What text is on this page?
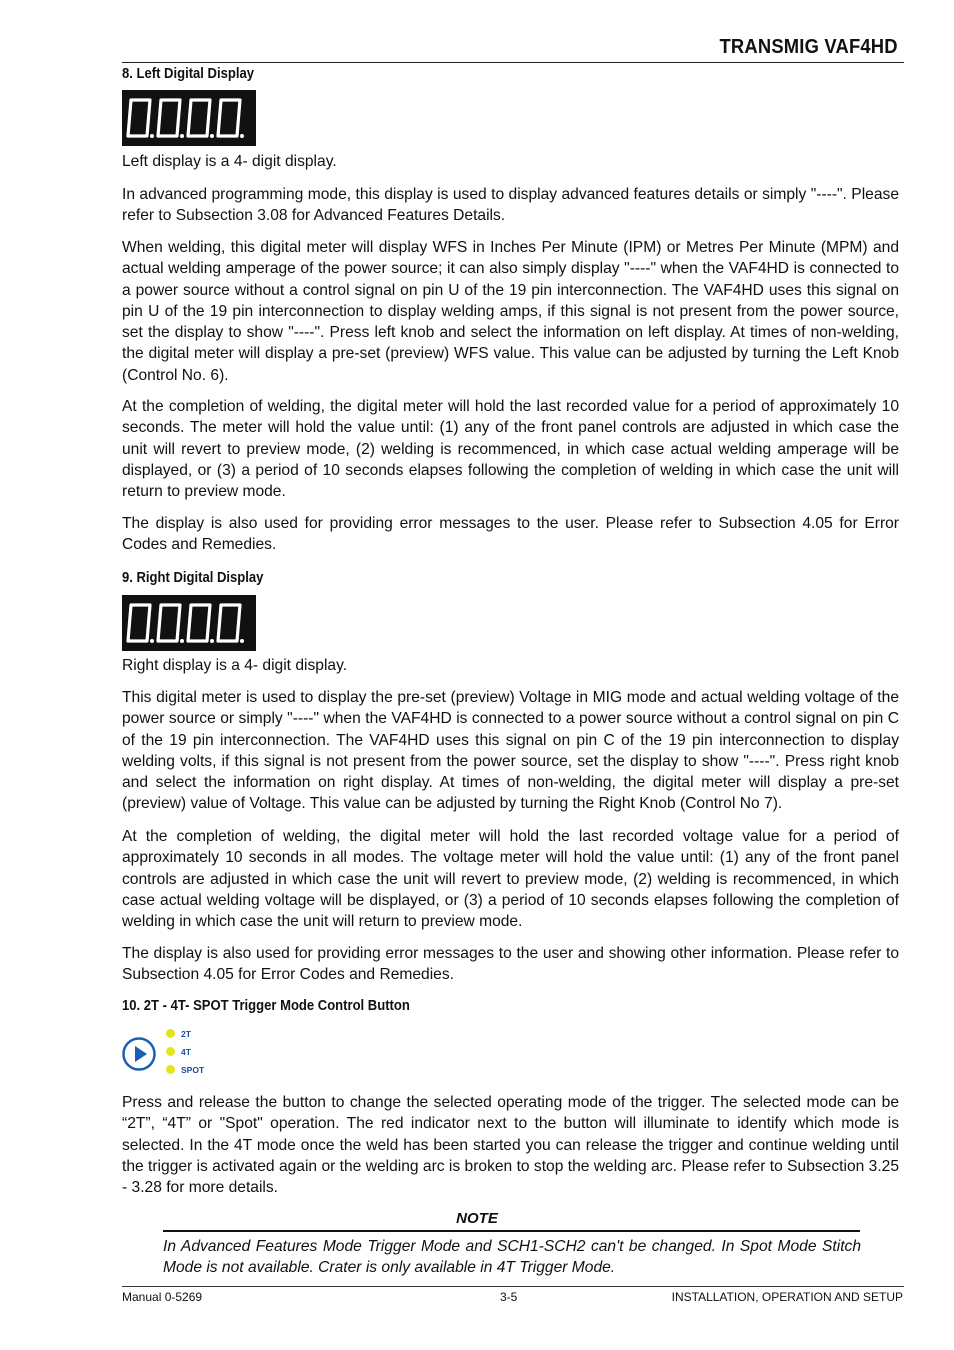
TRANSMIG VAF4HD
8. Left Digital Display

Left display is a 4- digit display.

In advanced programming mode, this display is used to display advanced features details or simply "----". Please refer to Subsection 3.08 for Advanced Features Details.

When welding, this digital meter will display WFS in Inches Per Minute (IPM) or Metres Per Minute (MPM) and actual welding amperage of the power source; it can also simply display "----" when the VAF4HD is connected to a power source without a control signal on pin U of the 19 pin interconnection. The VAF4HD uses this signal on pin U of the 19 pin interconnection to display welding amps, if this signal is not present from the power source, set the display to show "----". Press left knob and select the information on left display. At times of non-welding, the digital meter will display a pre-set (preview) WFS value. This value can be adjusted by turning the Left Knob (Control No. 6).

At the completion of welding, the digital meter will hold the last recorded value for a period of approximately 10 seconds. The meter will hold the value until: (1) any of the front panel controls are adjusted in which case the unit will revert to preview mode, (2) welding is recommenced, in which case actual welding amperage will be displayed, or (3) a period of 10 seconds elapses following the completion of welding in which case the unit will return to preview mode.

The display is also used for providing error messages to the user. Please refer to Subsection 4.05 for Error Codes and Remedies.

9. Right Digital Display

Right display is a 4- digit display.

This digital meter is used to display the pre-set (preview) Voltage in MIG mode and actual welding voltage of the power source or simply "----" when the VAF4HD is connected to a power source without a control signal on pin C of the 19 pin interconnection. The VAF4HD uses this signal on pin C of the 19 pin interconnection to display welding volts, if this signal is not present from the power source, set the display to show "----". Press right knob and select the information on right display. At times of non-welding, the digital meter will display a pre-set (preview) value of Voltage. This value can be adjusted by turning the Right Knob (Control No 7).

At the completion of welding, the digital meter will hold the last recorded voltage value for a period of approximately 10 seconds in all modes. The voltage meter will hold the value until: (1) any of the front panel controls are adjusted in which case the unit will revert to preview mode, (2) welding is recommenced, in which case actual welding voltage will be displayed, or (3) a period of 10 seconds elapses following the completion of welding in which case the unit will return to preview mode.

The display is also used for providing error messages to the user and showing other information. Please refer to Subsection 4.05 for Error Codes and Remedies.

10. 2T - 4T- SPOT Trigger Mode Control Button
2T
4T
SPOT

Press and release the button to change the selected operating mode of the trigger. The selected mode can be “2T”, “4T” or "Spot" operation. The red indicator next to the button will illuminate to identify which mode is selected. In the 4T mode once the weld has been started you can release the trigger and continue welding until the trigger is activated again or the welding arc is broken to stop the welding arc. Please refer to Subsection 3.25 - 3.28 for more details.

NOTE

In Advanced Features Mode Trigger Mode and SCH1-SCH2 can't be changed. In Spot Mode Stitch Mode is not available. Crater is only available in 4T Trigger Mode.

Manual 0-5269	3-5	INSTALLATION, OPERATION AND SETUP
